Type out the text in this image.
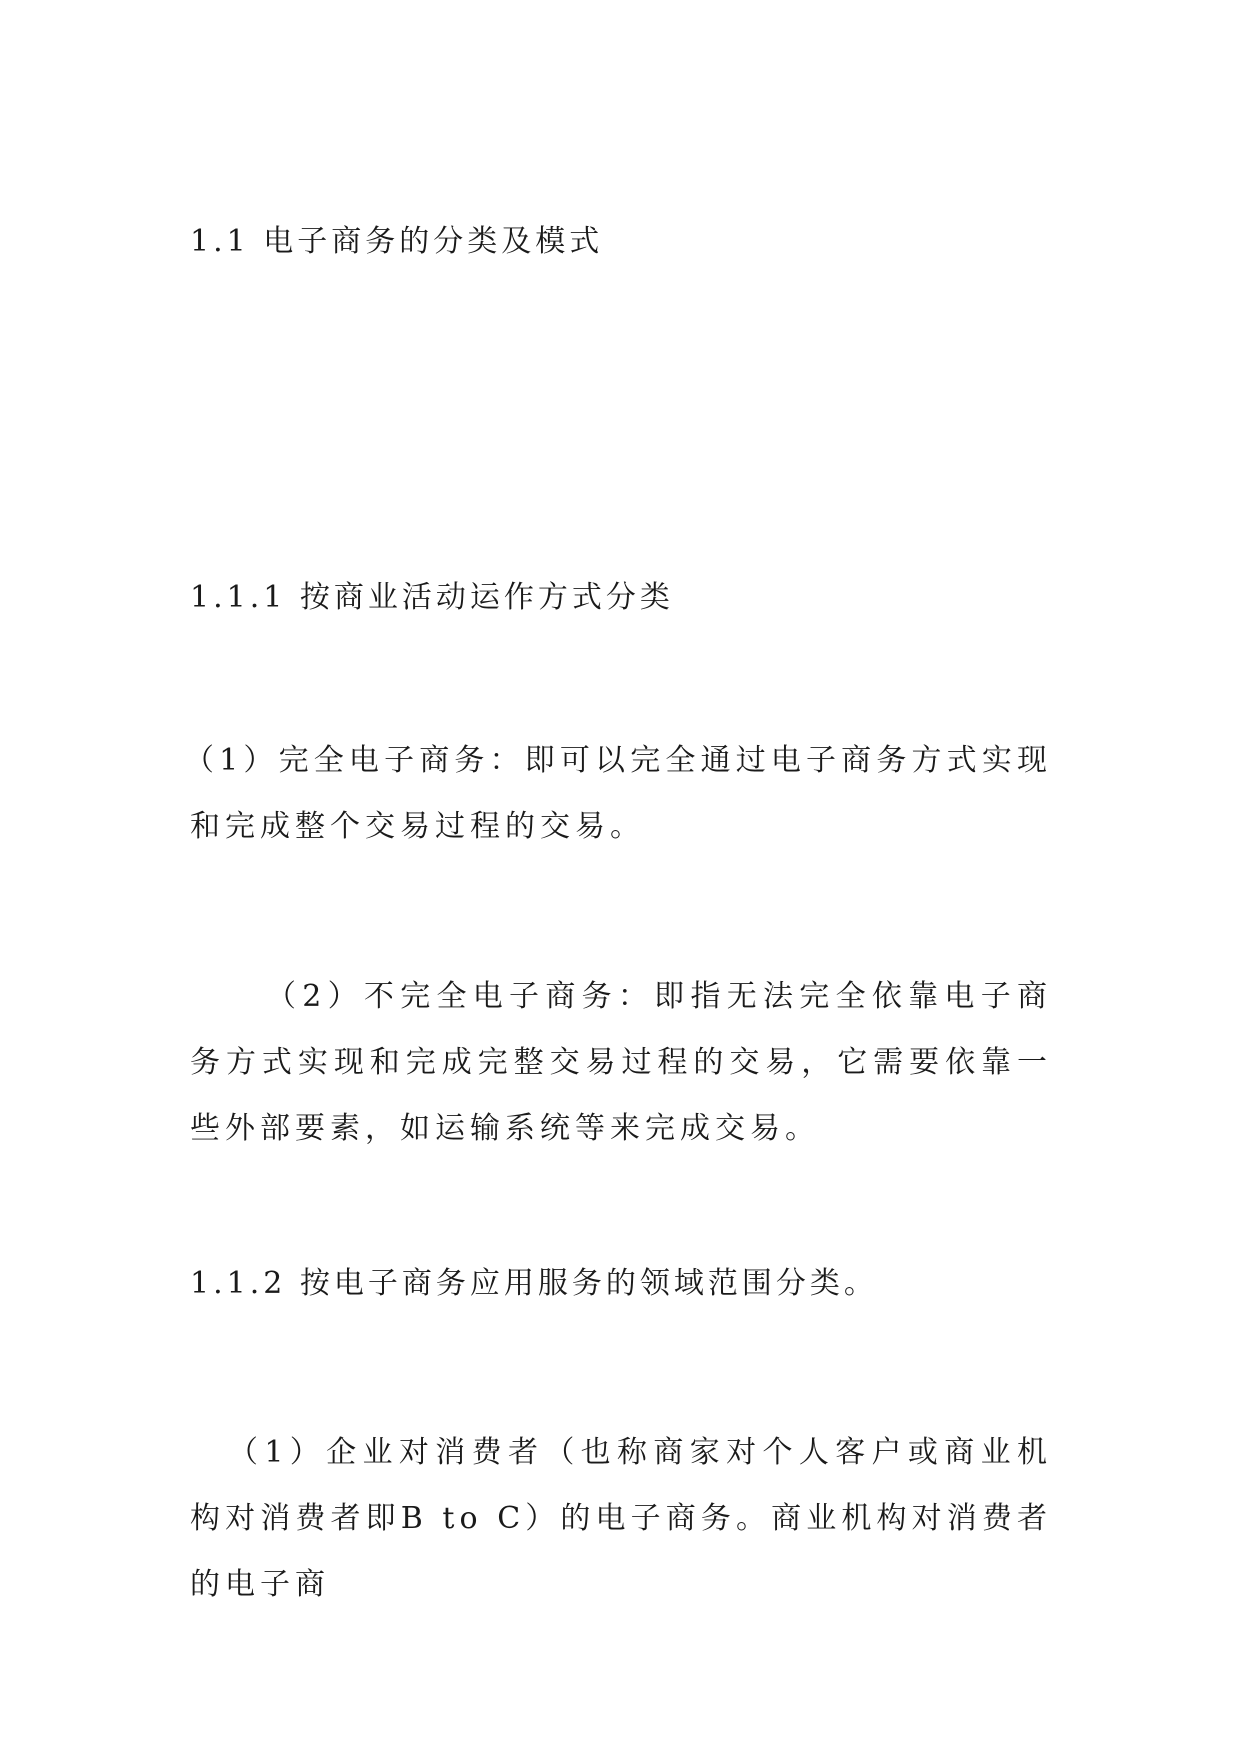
1.1 电子商务的分类及模式
1.1.1 按商业活动运作方式分类
（1）完全电子商务：即可以完全通过电子商务方式实现和完成整个交易过程的交易。
（2）不完全电子商务：即指无法完全依靠电子商务方式实现和完成完整交易过程的交易，它需要依靠一些外部要素，如运输系统等来完成交易。
1.1.2 按电子商务应用服务的领域范围分类。
（1）企业对消费者（也称商家对个人客户或商业机构对消费者即B to C）的电子商务。商业机构对消费者的电子商
